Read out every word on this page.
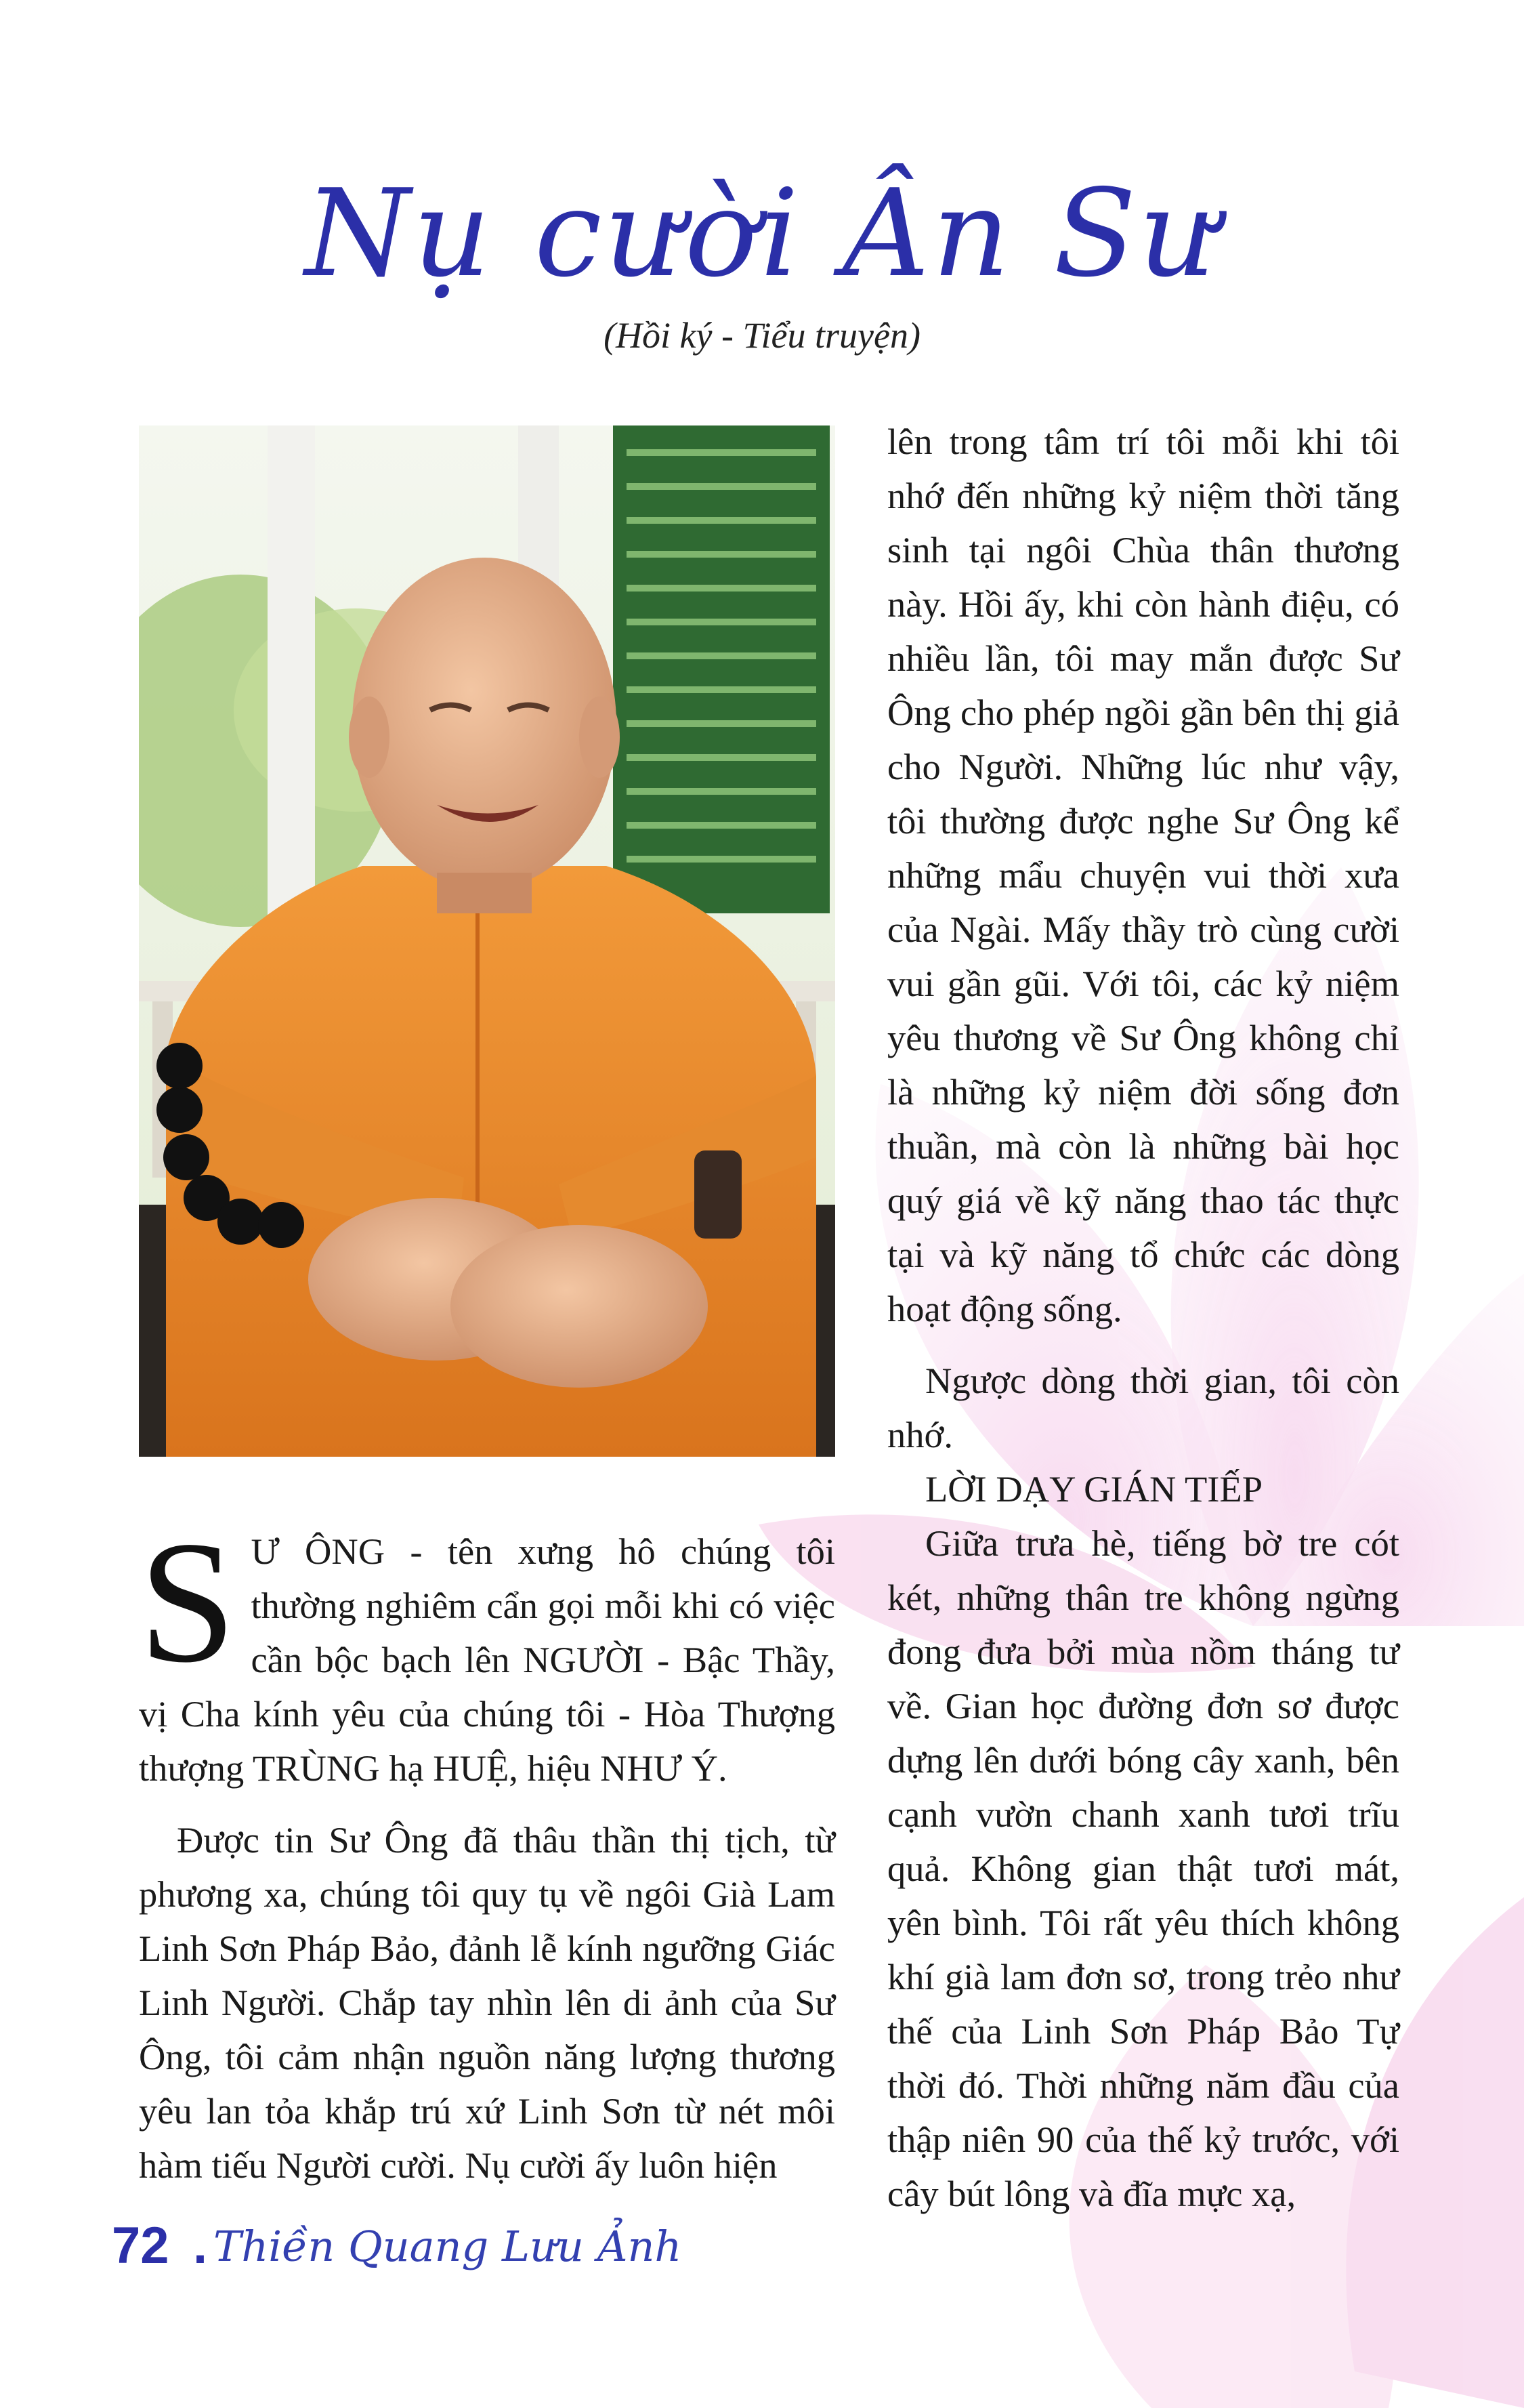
Nụ cười Ân Sư
(Hồi ký - Tiểu truyện)

lên trong tâm trí tôi mỗi khi tôi nhớ đến những kỷ niệm thời tăng sinh tại ngôi Chùa thân thương này. Hồi ấy, khi còn hành điệu, có nhiều lần, tôi may mắn được Sư Ông cho phép ngồi gần bên thị giả cho Người. Những lúc như vậy, tôi thường được nghe Sư Ông kể những mẩu chuyện vui thời xưa của Ngài. Mấy thầy trò cùng cười vui gần gũi. Với tôi, các kỷ niệm yêu thương về Sư Ông không chỉ là những kỷ niệm đời sống đơn thuần, mà còn là những bài học quý giá về kỹ năng thao tác thực tại và kỹ năng tổ chức các dòng hoạt động sống.

Ngược dòng thời gian, tôi còn nhớ.

LỜI DẠY GIÁN TIẾP

Giữa trưa hè, tiếng bờ tre cót két, những thân tre không ngừng đong đưa bởi mùa nồm tháng tư về. Gian học đường đơn sơ được dựng lên dưới bóng cây xanh, bên cạnh vườn chanh xanh tươi trĩu quả. Không gian thật tươi mát, yên bình. Tôi rất yêu thích không khí già lam đơn sơ, trong trẻo như thế của Linh Sơn Pháp Bảo Tự thời đó. Thời những năm đầu của thập niên 90 của thế kỷ trước, với cây bút lông và đĩa mực xạ,

S Ư ÔNG - tên xưng hô chúng tôi thường nghiêm cẩn gọi mỗi khi có việc cần bộc bạch lên NGƯỜI - Bậc Thầy, vị Cha kính yêu của chúng tôi - Hòa Thượng thượng TRÙNG hạ HUỆ, hiệu NHƯ Ý.

Được tin Sư Ông đã thâu thần thị tịch, từ phương xa, chúng tôi quy tụ về ngôi Già Lam Linh Sơn Pháp Bảo, đảnh lễ kính ngưỡng Giác Linh Người. Chắp tay nhìn lên di ảnh của Sư Ông, tôi cảm nhận nguồn năng lượng thương yêu lan tỏa khắp trú xứ Linh Sơn từ nét môi hàm tiếu Người cười. Nụ cười ấy luôn hiện

72 . Thiền Quang Lưu Ảnh
